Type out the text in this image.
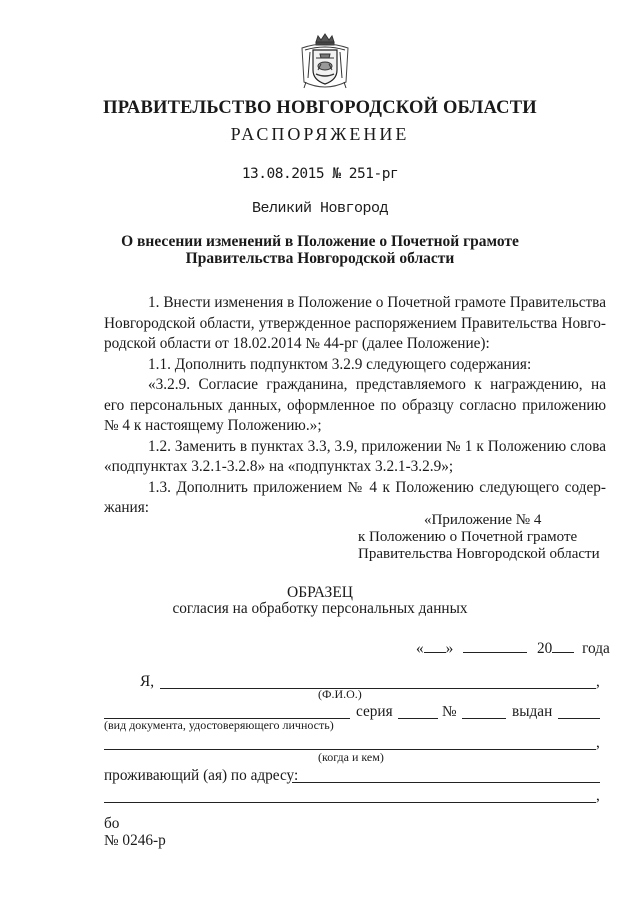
ПРАВИТЕЛЬСТВО НОВГОРОДСКОЙ ОБЛАСТИ
РАСПОРЯЖЕНИЕ
13.08.2015 № 251-рг
Великий Новгород
О внесении изменений в Положение о Почетной грамоте
Правительства Новгородской области
1. Внести изменения в Положение о Почетной грамоте Правительства
Новгородской области, утвержденное распоряжением Правительства Новго-
родской области от 18.02.2014 № 44-рг (далее Положение):
1.1. Дополнить подпунктом 3.2.9 следующего содержания:
«3.2.9. Согласие гражданина, представляемого к награждению, на
его персональных данных, оформленное по образцу согласно приложению
№ 4 к настоящему Положению.»;
1.2. Заменить в пунктах 3.3, 3.9, приложении № 1 к Положению слова
«подпунктах 3.2.1-3.2.8» на «подпунктах 3.2.1-3.2.9»;
1.3. Дополнить приложением № 4 к Положению следующего содер-
жания:
«Приложение № 4
к Положению о Почетной грамоте
Правительства Новгородской области
ОБРАЗЕЦ
согласия на обработку персональных данных
« »	20 года
Я,	,
(Ф.И.О.)
серия	№	выдан
(вид документа, удостоверяющего личность)
,
(когда и кем)
проживающий (ая) по адресу:
,
бо
№ 0246-р
